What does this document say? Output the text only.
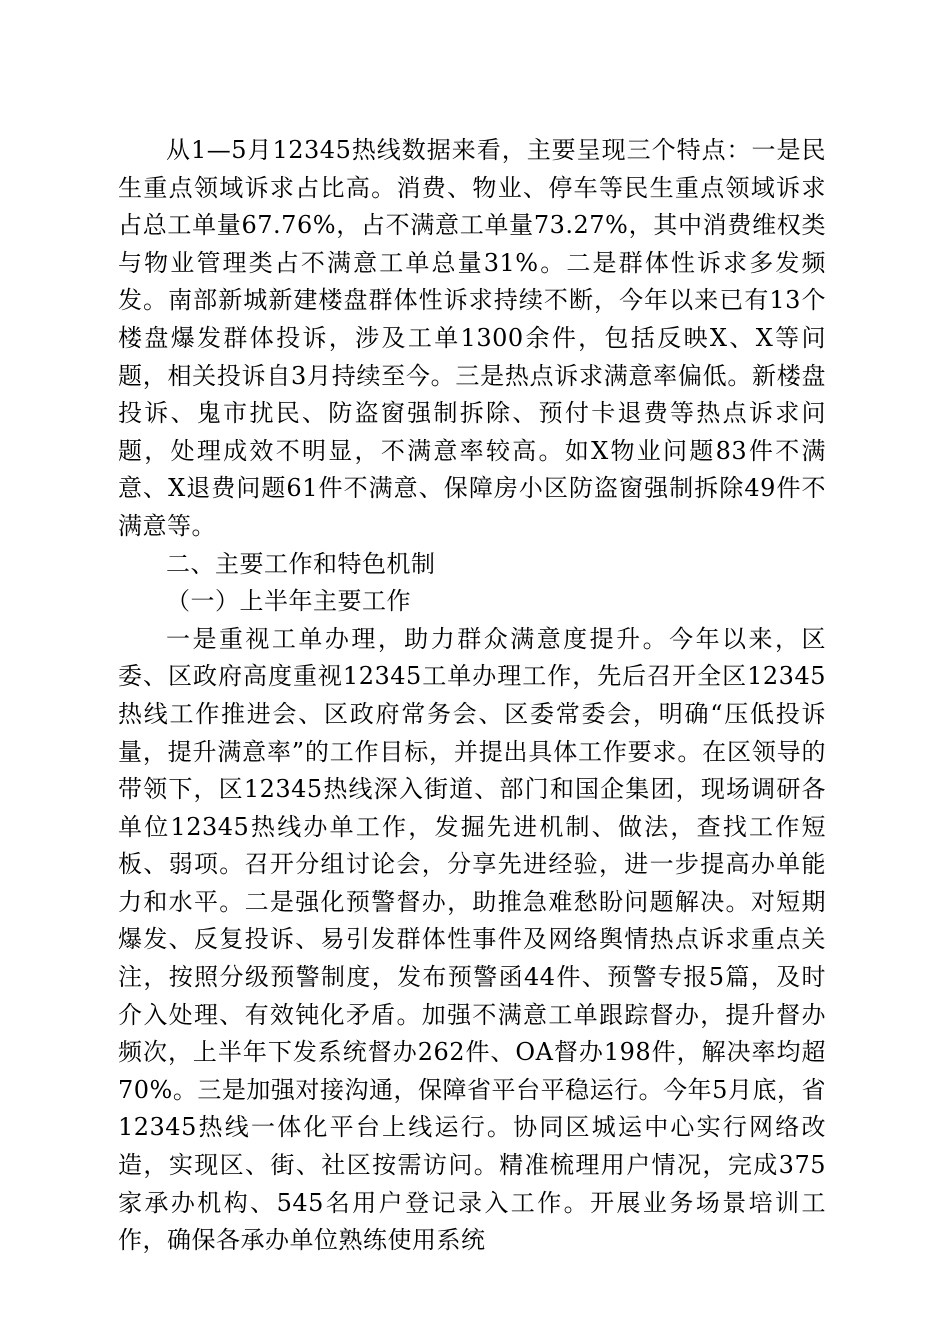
从1—5月12345热线数据来看，主要呈现三个特点：一是民生重点领域诉求占比高。消费、物业、停车等民生重点领域诉求占总工单量67.76%，占不满意工单量73.27%，其中消费维权类与物业管理类占不满意工单总量31%。二是群体性诉求多发频发。南部新城新建楼盘群体性诉求持续不断，今年以来已有13个楼盘爆发群体投诉，涉及工单1300余件，包括反映X、X等问题，相关投诉自3月持续至今。三是热点诉求满意率偏低。新楼盘投诉、鬼市扰民、防盗窗强制拆除、预付卡退费等热点诉求问题，处理成效不明显，不满意率较高。如X物业问题83件不满意、X退费问题61件不满意、保障房小区防盗窗强制拆除49件不满意等。

二、主要工作和特色机制

（一）上半年主要工作

一是重视工单办理，助力群众满意度提升。今年以来，区委、区政府高度重视12345工单办理工作，先后召开全区12345热线工作推进会、区政府常务会、区委常委会，明确“压低投诉量，提升满意率”的工作目标，并提出具体工作要求。在区领导的带领下，区12345热线深入街道、部门和国企集团，现场调研各单位12345热线办单工作，发掘先进机制、做法，查找工作短板、弱项。召开分组讨论会，分享先进经验，进一步提高办单能力和水平。二是强化预警督办，助推急难愁盼问题解决。对短期爆发、反复投诉、易引发群体性事件及网络舆情热点诉求重点关注，按照分级预警制度，发布预警函44件、预警专报5篇，及时介入处理、有效钝化矛盾。加强不满意工单跟踪督办，提升督办频次，上半年下发系统督办262件、OA督办198件，解决率均超70%。三是加强对接沟通，保障省平台平稳运行。今年5月底，省12345热线一体化平台上线运行。协同区城运中心实行网络改造，实现区、街、社区按需访问。精准梳理用户情况，完成375家承办机构、545名用户登记录入工作。开展业务场景培训工作，确保各承办单位熟练使用系统
